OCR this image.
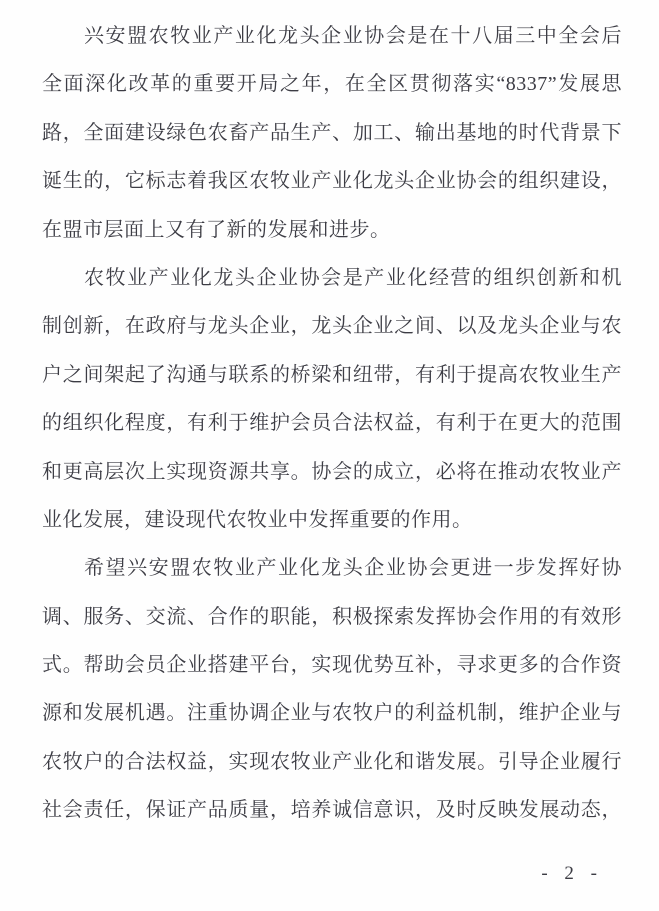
兴安盟农牧业产业化龙头企业协会是在十八届三中全会后
全面深化改革的重要开局之年，在全区贯彻落实“8337”发展思
路，全面建设绿色农畜产品生产、加工、输出基地的时代背景下
诞生的，它标志着我区农牧业产业化龙头企业协会的组织建设，
在盟市层面上又有了新的发展和进步。
农牧业产业化龙头企业协会是产业化经营的组织创新和机
制创新，在政府与龙头企业，龙头企业之间、以及龙头企业与农
户之间架起了沟通与联系的桥梁和纽带，有利于提高农牧业生产
的组织化程度，有利于维护会员合法权益，有利于在更大的范围
和更高层次上实现资源共享。协会的成立，必将在推动农牧业产
业化发展，建设现代农牧业中发挥重要的作用。
希望兴安盟农牧业产业化龙头企业协会更进一步发挥好协
调、服务、交流、合作的职能，积极探索发挥协会作用的有效形
式。帮助会员企业搭建平台，实现优势互补，寻求更多的合作资
源和发展机遇。注重协调企业与农牧户的利益机制，维护企业与
农牧户的合法权益，实现农牧业产业化和谐发展。引导企业履行
社会责任，保证产品质量，培养诚信意识，及时反映发展动态，
- 2 -
